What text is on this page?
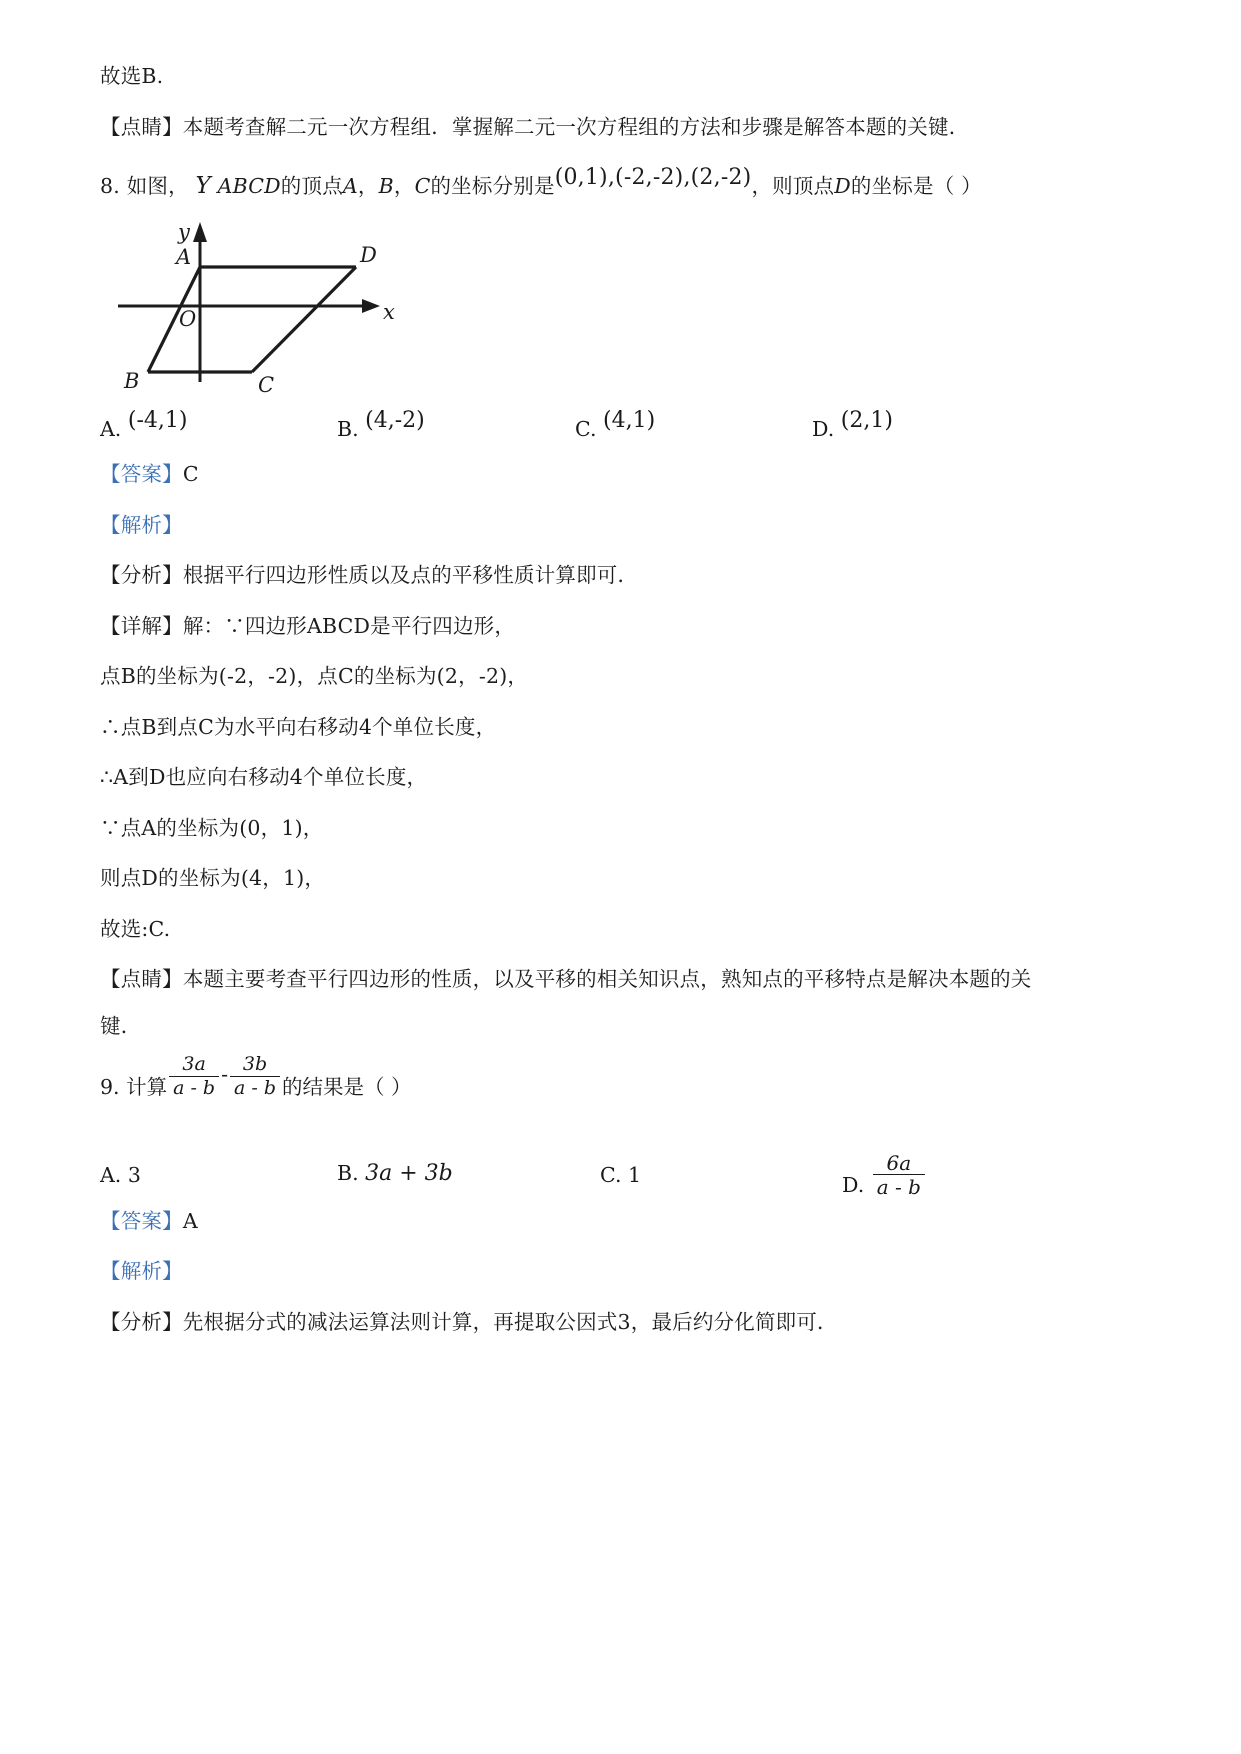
故选B.
【点睛】本题考查解二元一次方程组．掌握解二元一次方程组的方法和步骤是解答本题的关键．
8. 如图， Y ABCD的顶点A，B，C的坐标分别是(0,1),(-2,-2),(2,-2)，则顶点D的坐标是（ ）
x
y
O
A
B	C
D
A. (-4,1)	B. (4,-2)	C. (4,1)	D. (2,1)
【答案】C
【解析】
【分析】根据平行四边形性质以及点的平移性质计算即可．
【详解】解：∵四边形ABCD是平行四边形，
点B的坐标为(-2，-2)，点C的坐标为(2，-2)，
∴点B到点C为水平向右移动4个单位长度，
∴A到D也应向右移动4个单位长度，
∵点A的坐标为(0，1)，
则点D的坐标为(4，1)，
故选:C.
【点睛】本题主要考查平行四边形的性质，以及平移的相关知识点，熟知点的平移特点是解决本题的关
键．
9. 计算 $\frac{3a}{a - b} - \frac{3b}{a - b}$ 的结果是（ ）
A. 3	B. 3a + 3b	C. 1	D. $\frac{6a}{a - b}$
【答案】A
【解析】
【分析】先根据分式的减法运算法则计算，再提取公因式3，最后约分化简即可．
